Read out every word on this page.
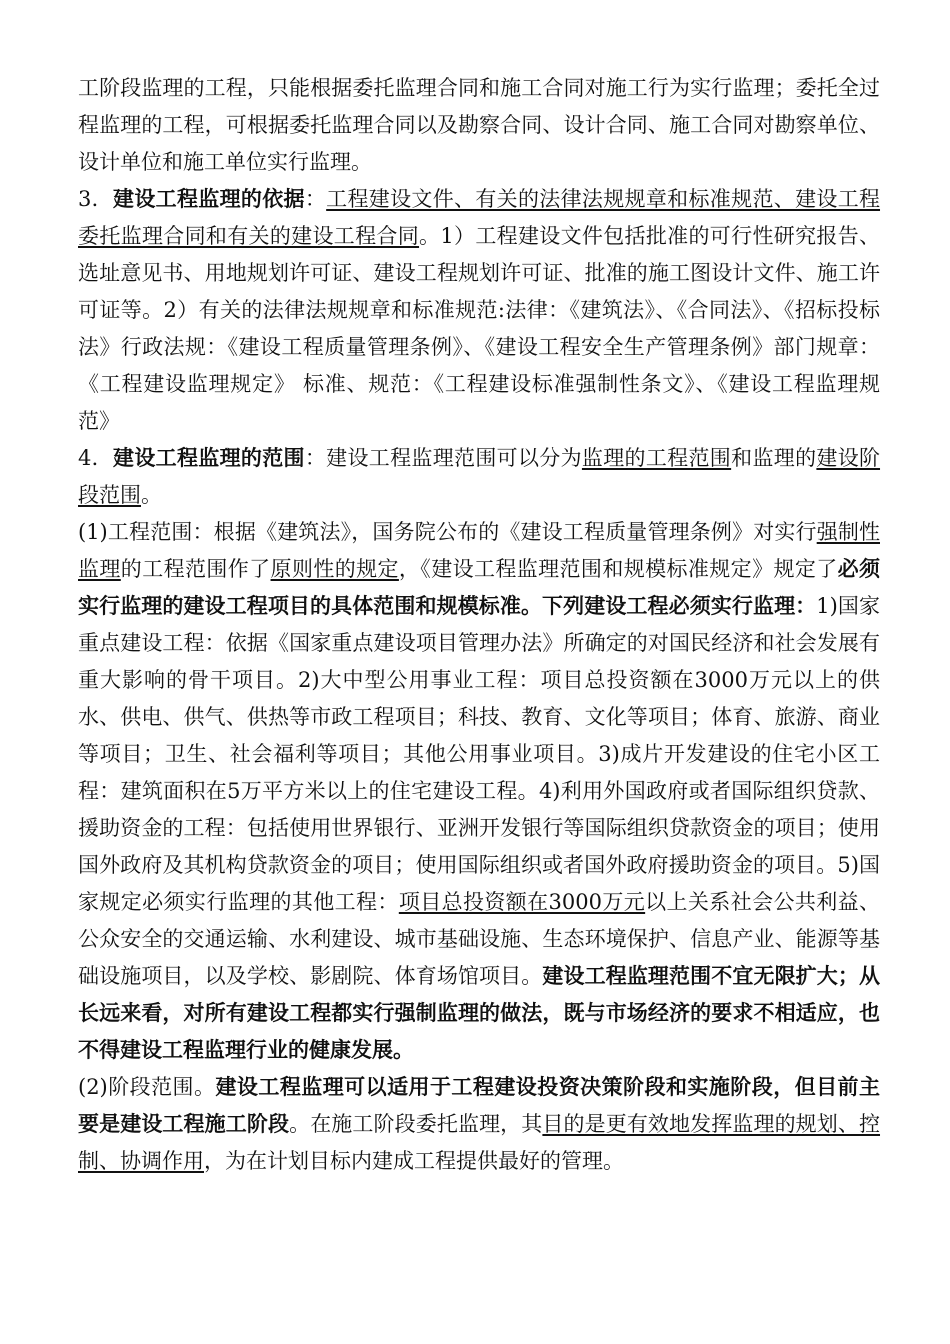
工阶段监理的工程，只能根据委托监理合同和施工合同对施工行为实行监理；委托全过程监理的工程，可根据委托监理合同以及勘察合同、设计合同、施工合同对勘察单位、设计单位和施工单位实行监理。

3．建设工程监理的依据：工程建设文件、有关的法律法规规章和标准规范、建设工程委托监理合同和有关的建设工程合同。1）工程建设文件包括批准的可行性研究报告、选址意见书、用地规划许可证、建设工程规划许可证、批准的施工图设计文件、施工许可证等。2）有关的法律法规规章和标准规范:法律：《建筑法》、《合同法》、《招标投标法》行政法规：《建设工程质量管理条例》、《建设工程安全生产管理条例》部门规章：《工程建设监理规定》 标准、规范：《工程建设标准强制性条文》、《建设工程监理规范》

4．建设工程监理的范围：建设工程监理范围可以分为监理的工程范围和监理的建设阶段范围。

(1)工程范围：根据《建筑法》，国务院公布的《建设工程质量管理条例》对实行强制性监理的工程范围作了原则性的规定，《建设工程监理范围和规模标准规定》规定了必须实行监理的建设工程项目的具体范围和规模标准。下列建设工程必须实行监理：1)国家重点建设工程：依据《国家重点建设项目管理办法》所确定的对国民经济和社会发展有重大影响的骨干项目。2)大中型公用事业工程：项目总投资额在3000万元以上的供水、供电、供气、供热等市政工程项目；科技、教育、文化等项目；体育、旅游、商业等项目；卫生、社会福利等项目；其他公用事业项目。3)成片开发建设的住宅小区工程：建筑面积在5万平方米以上的住宅建设工程。4)利用外国政府或者国际组织贷款、援助资金的工程：包括使用世界银行、亚洲开发银行等国际组织贷款资金的项目；使用国外政府及其机构贷款资金的项目；使用国际组织或者国外政府援助资金的项目。5)国家规定必须实行监理的其他工程：项目总投资额在3000万元以上关系社会公共利益、公众安全的交通运输、水利建设、城市基础设施、生态环境保护、信息产业、能源等基础设施项目，以及学校、影剧院、体育场馆项目。建设工程监理范围不宜无限扩大；从长远来看，对所有建设工程都实行强制监理的做法，既与市场经济的要求不相适应，也不得建设工程监理行业的健康发展。

(2)阶段范围。建设工程监理可以适用于工程建设投资决策阶段和实施阶段，但目前主要是建设工程施工阶段。在施工阶段委托监理，其目的是更有效地发挥监理的规划、控制、协调作用，为在计划目标内建成工程提供最好的管理。
